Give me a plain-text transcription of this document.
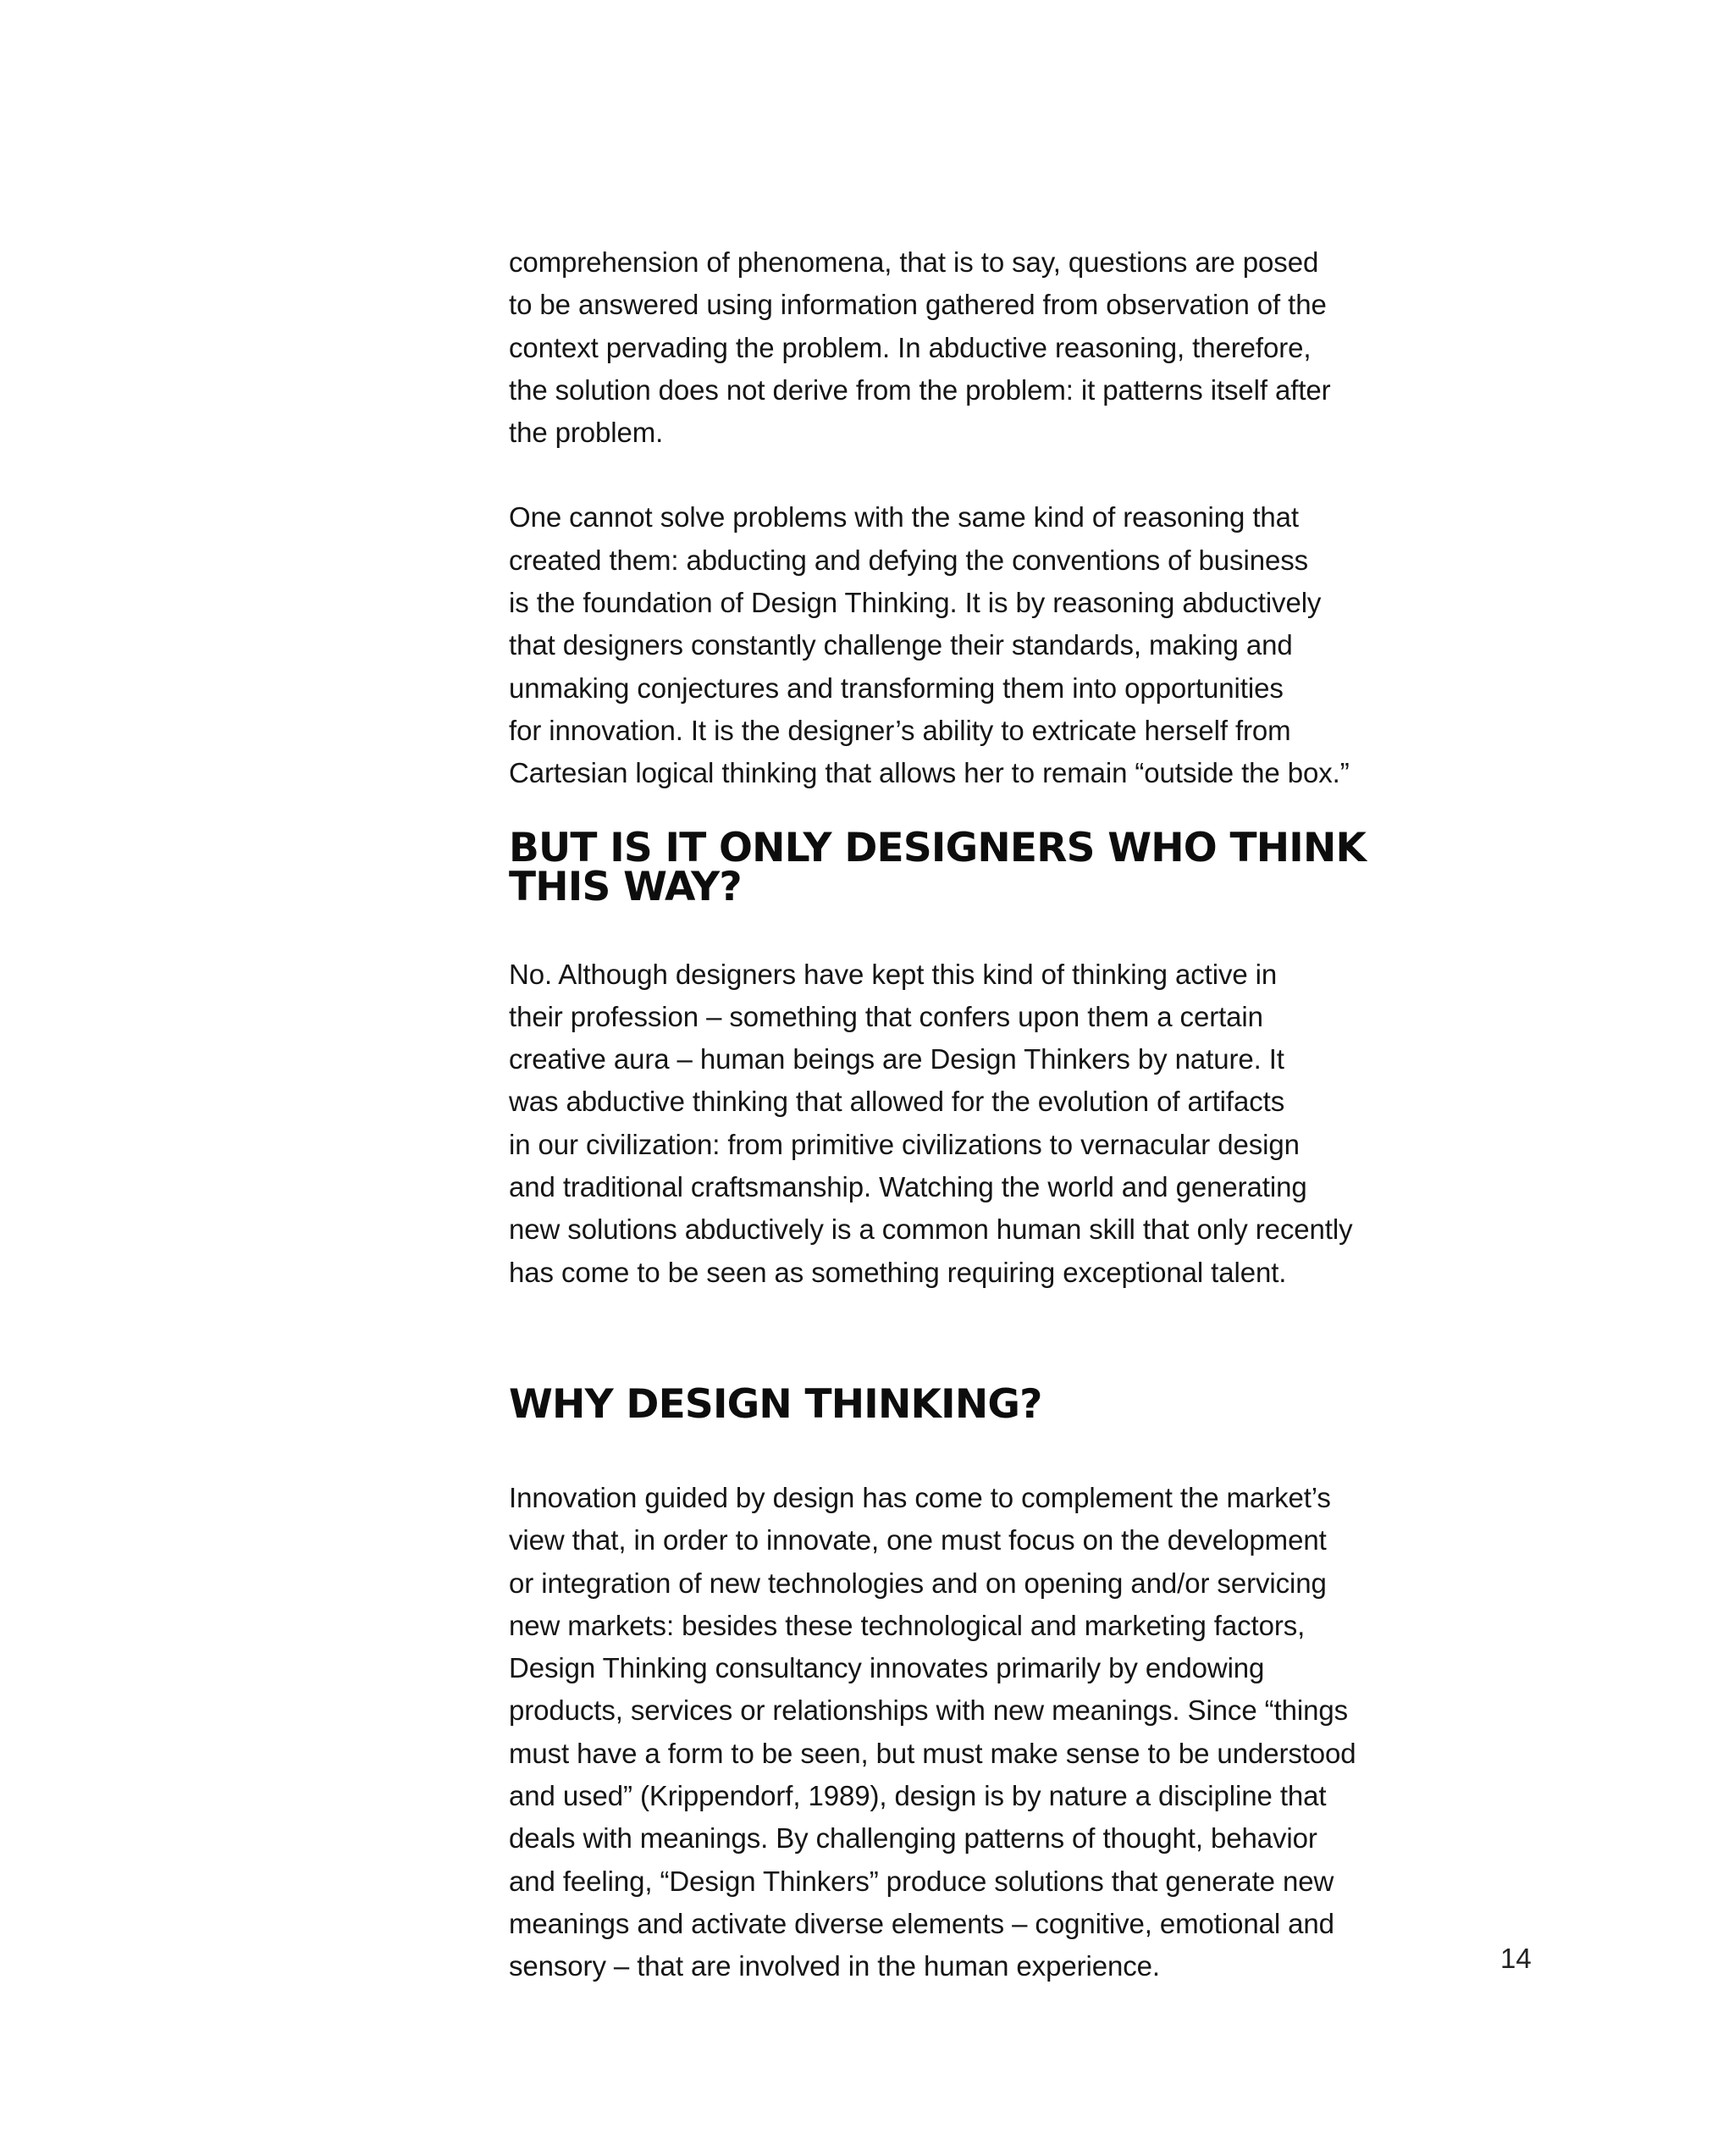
comprehension of phenomena, that is to say, questions are posed
to be answered using information gathered from observation of the
context pervading the problem. In abductive reasoning, therefore,
the solution does not derive from the problem: it patterns itself after
the problem.

One cannot solve problems with the same kind of reasoning that
created them: abducting and defying the conventions of business
is the foundation of Design Thinking. It is by reasoning abductively
that designers constantly challenge their standards, making and
unmaking conjectures and transforming them into opportunities
for innovation. It is the designer’s ability to extricate herself from
Cartesian logical thinking that allows her to remain “outside the box.”

BUT IS IT ONLY DESIGNERS WHO THINK
THIS WAY?

No. Although designers have kept this kind of thinking active in
their profession – something that confers upon them a certain
creative aura – human beings are Design Thinkers by nature. It
was abductive thinking that allowed for the evolution of artifacts
in our civilization: from primitive civilizations to vernacular design
and traditional craftsmanship. Watching the world and generating
new solutions abductively is a common human skill that only recently
has come to be seen as something requiring exceptional talent.

WHY DESIGN THINKING?

Innovation guided by design has come to complement the market’s
view that, in order to innovate, one must focus on the development
or integration of new technologies and on opening and/or servicing
new markets: besides these technological and marketing factors,
Design Thinking consultancy innovates primarily by endowing
products, services or relationships with new meanings. Since “things
must have a form to be seen, but must make sense to be understood
and used” (Krippendorf, 1989), design is by nature a discipline that
deals with meanings. By challenging patterns of thought, behavior
and feeling, “Design Thinkers” produce solutions that generate new
meanings and activate diverse elements – cognitive, emotional and
sensory – that are involved in the human experience.	14
